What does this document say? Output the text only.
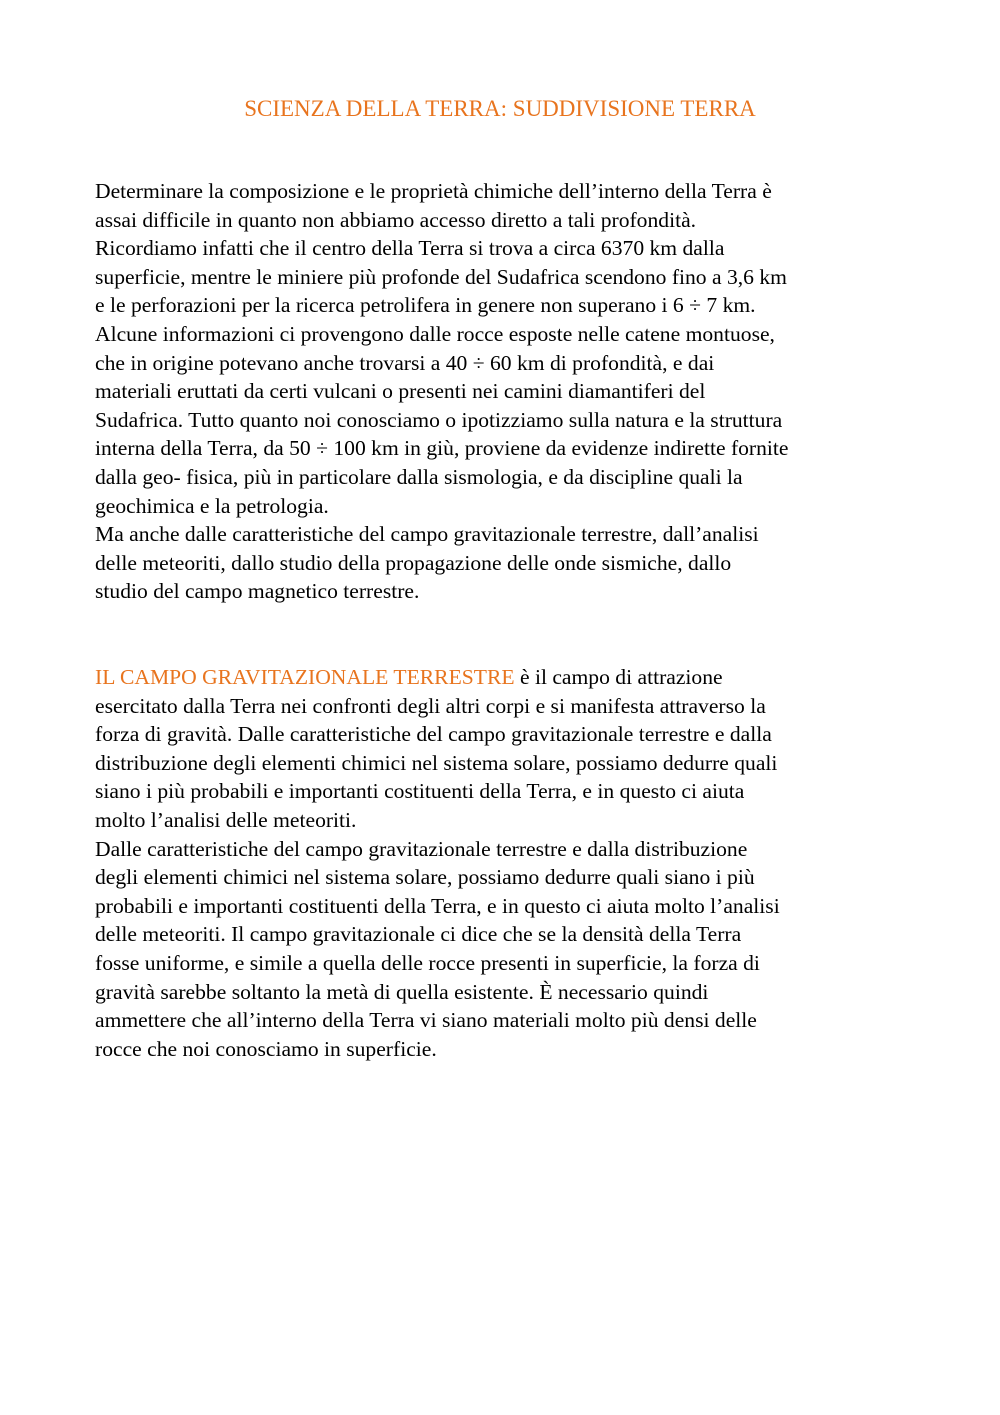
SCIENZA DELLA TERRA: SUDDIVISIONE TERRA
Determinare la composizione e le proprietà chimiche dell’interno della Terra è
assai difficile in quanto non abbiamo accesso diretto a tali profondità.
Ricordiamo infatti che il centro della Terra si trova a circa 6370 km dalla
superficie, mentre le miniere più profonde del Sudafrica scendono fino a 3,6 km
e le perforazioni per la ricerca petrolifera in genere non superano i 6 ÷ 7 km.
Alcune informazioni ci provengono dalle rocce esposte nelle catene montuose,
che in origine potevano anche trovarsi a 40 ÷ 60 km di profondità, e dai
materiali eruttati da certi vulcani o presenti nei camini diamantiferi del
Sudafrica. Tutto quanto noi conosciamo o ipotizziamo sulla natura e la struttura
interna della Terra, da 50 ÷ 100 km in giù, proviene da evidenze indirette fornite
dalla geo- fisica, più in particolare dalla sismologia, e da discipline quali la
geochimica e la petrologia.
Ma anche dalle caratteristiche del campo gravitazionale terrestre, dall’analisi
delle meteoriti, dallo studio della propagazione delle onde sismiche, dallo
studio del campo magnetico terrestre.
IL CAMPO GRAVITAZIONALE TERRESTRE è il campo di attrazione
esercitato dalla Terra nei confronti degli altri corpi e si manifesta attraverso la
forza di gravità. Dalle caratteristiche del campo gravitazionale terrestre e dalla
distribuzione degli elementi chimici nel sistema solare, possiamo dedurre quali
siano i più probabili e importanti costituenti della Terra, e in questo ci aiuta
molto l’analisi delle meteoriti.
Dalle caratteristiche del campo gravitazionale terrestre e dalla distribuzione
degli elementi chimici nel sistema solare, possiamo dedurre quali siano i più
probabili e importanti costituenti della Terra, e in questo ci aiuta molto l’analisi
delle meteoriti. Il campo gravitazionale ci dice che se la densità della Terra
fosse uniforme, e simile a quella delle rocce presenti in superficie, la forza di
gravità sarebbe soltanto la metà di quella esistente. È necessario quindi
ammettere che all’interno della Terra vi siano materiali molto più densi delle
rocce che noi conosciamo in superficie.
